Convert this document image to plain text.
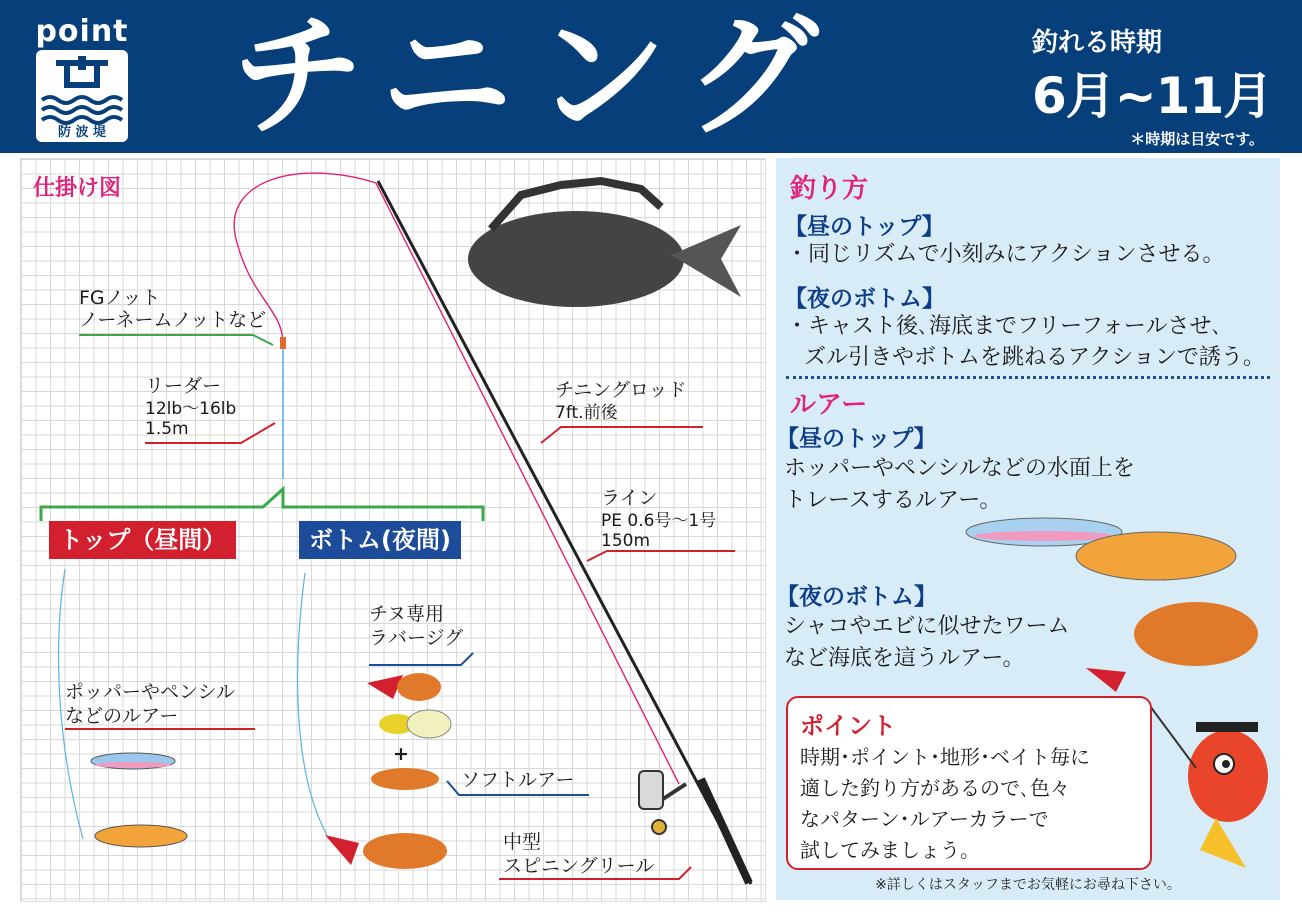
point
防 波 堤 チニング	釣れる時期
6月~11月
＊時期は目安です。
仕掛け図
FGノット
ノーネームノットなど
リーダー
12lb～16lb
1.5m
チニングロッド
7ft.前後
ライン
PE 0.6号～1号
150m
トップ（昼間）	ボトム(夜間)
ポッパーやペンシル
などのルアー
チヌ専用
ラバージグ
+
ソフトルアー
中型
スピニングリール
釣り方
【昼のトップ】
・同じリズムで小刻みにアクションさせる。
【夜のボトム】
・キャスト後､海底までフリーフォールさせ､
ズル引きやボトムを跳ねるアクションで誘う。
ルアー
【昼のトップ】
ホッパーやペンシルなどの水面上を
トレースするルアー。
【夜のボトム】
シャコやエビに似せたワーム
など海底を這うルアー。
ポイント
時期･ポイント･地形･ベイト毎に
適した釣り方があるので､色々
なパターン･ルアーカラーで
試してみましょう。
※詳しくはスタッフまでお気軽にお尋ね下さい。
